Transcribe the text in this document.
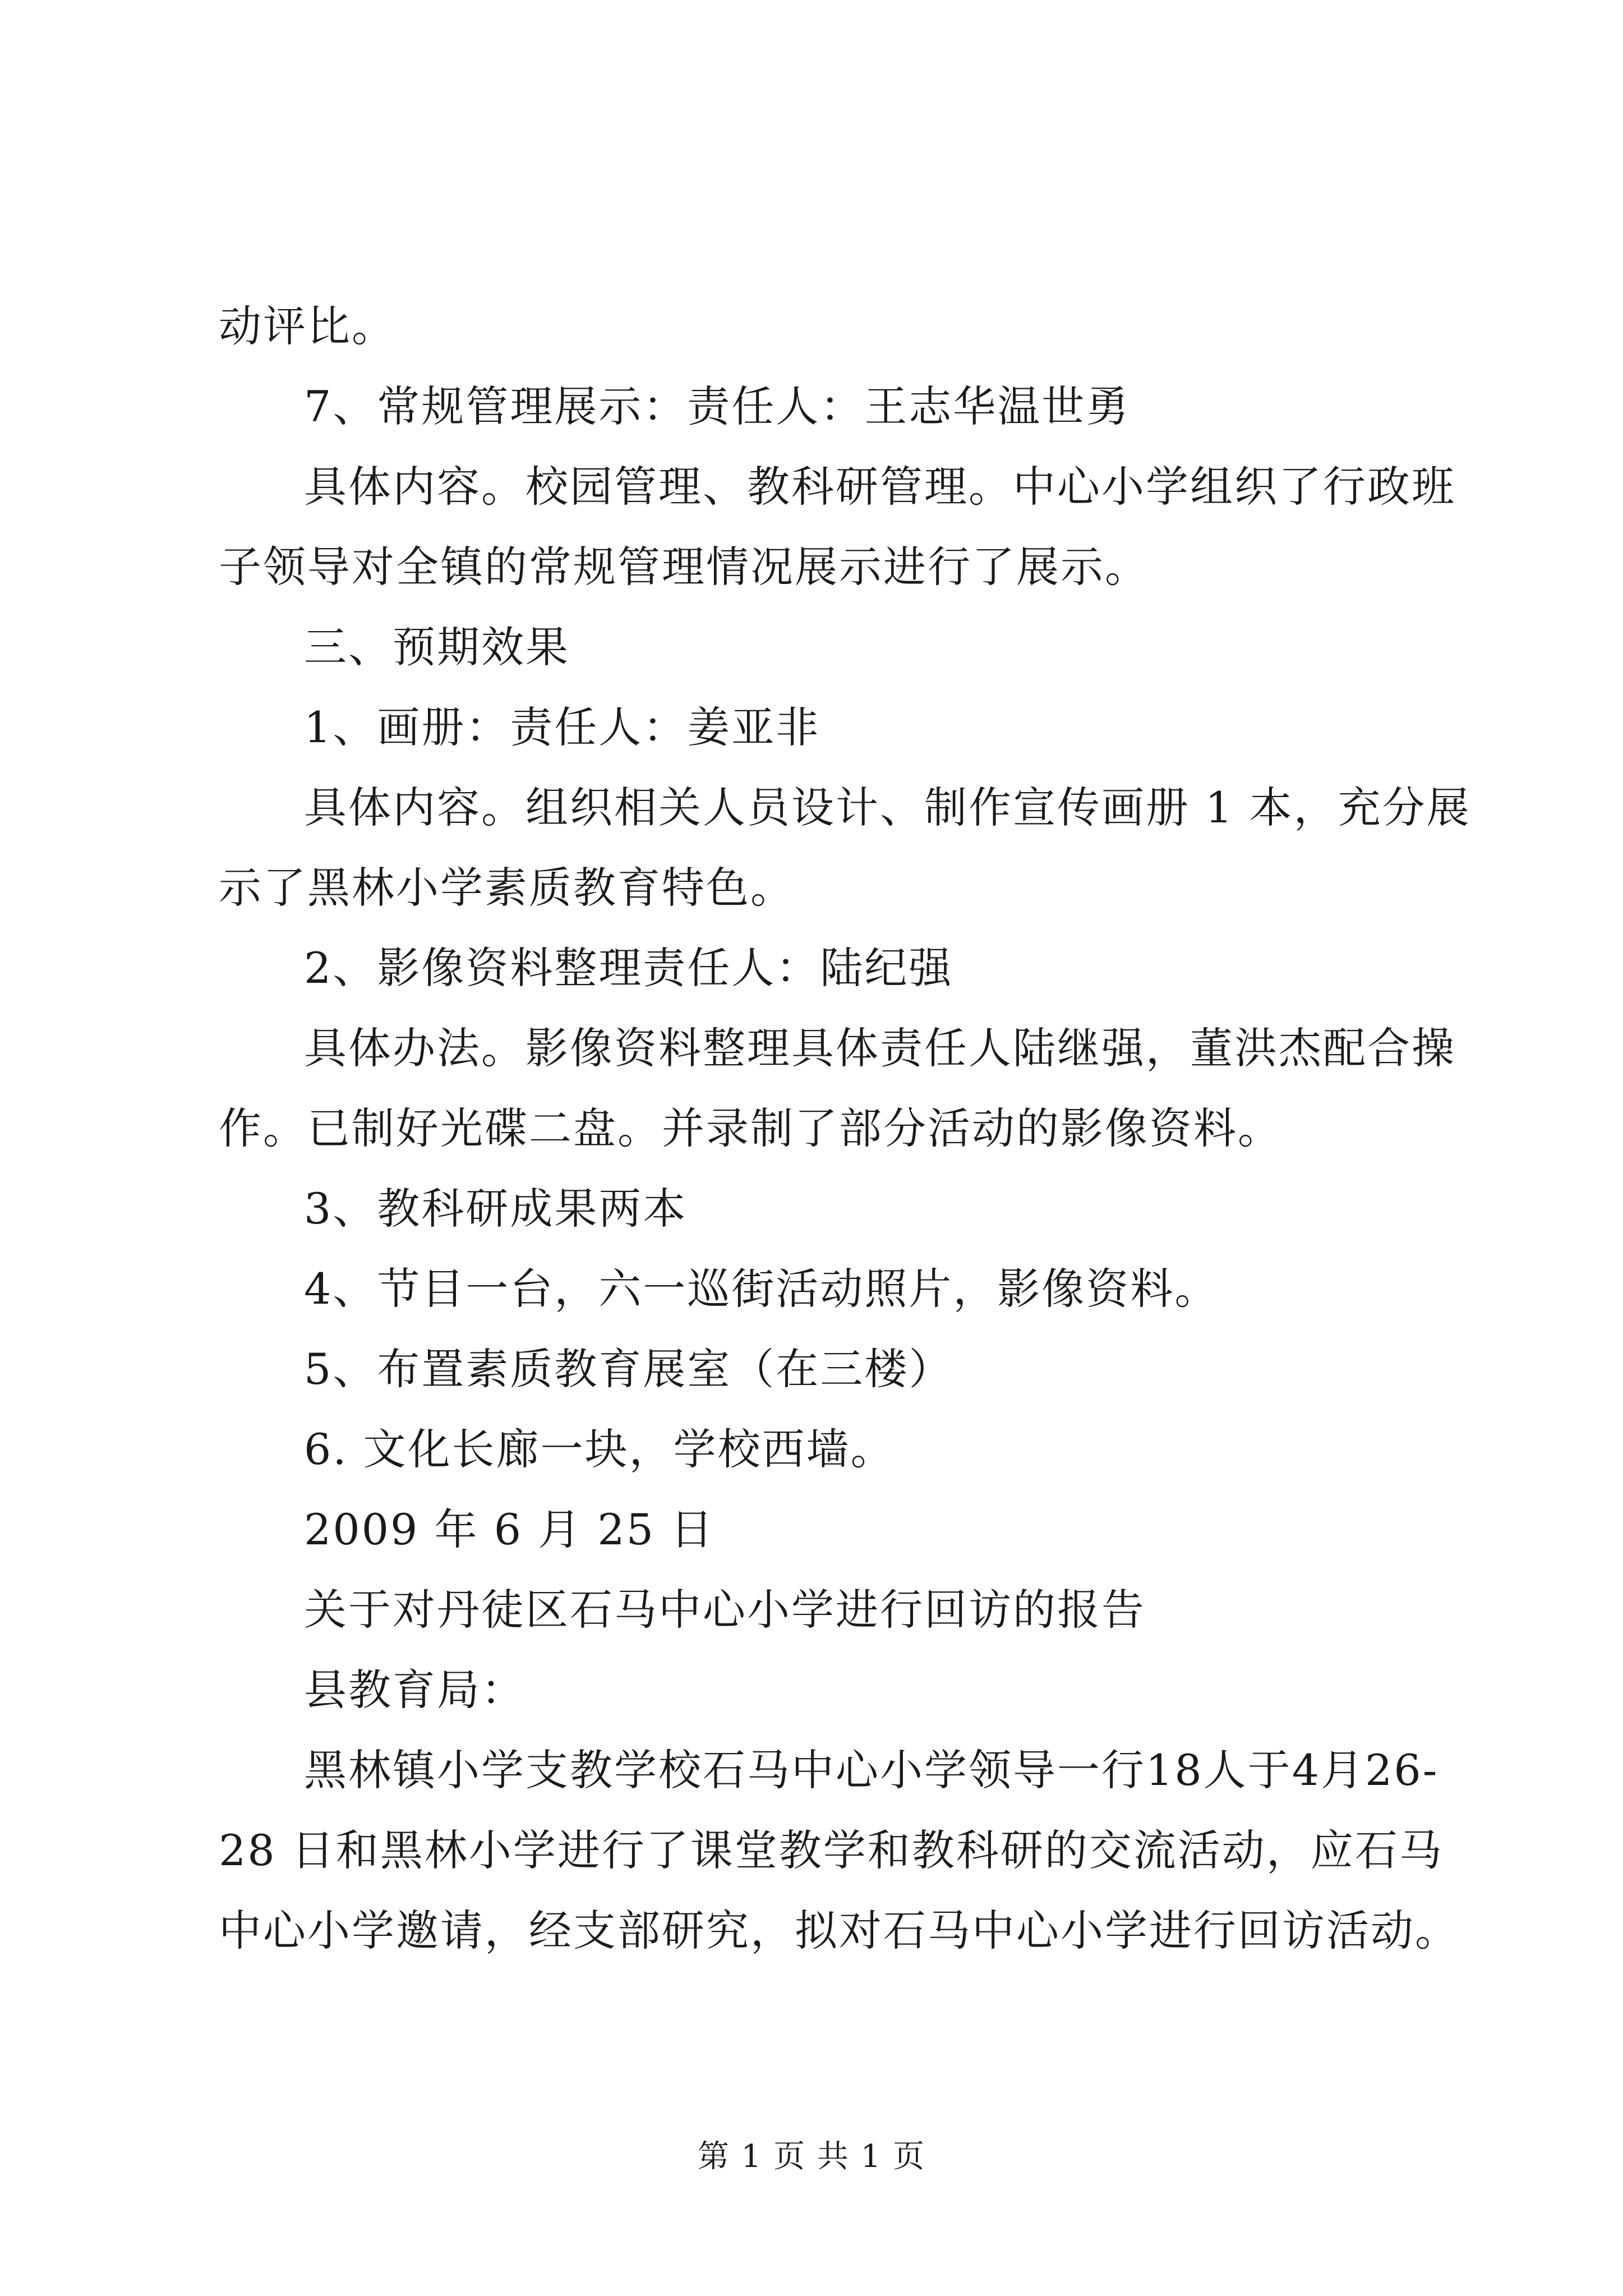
动评比。
7、常规管理展示：责任人：王志华温世勇
具体内容。校园管理、教科研管理。中心小学组织了行政班
子领导对全镇的常规管理情况展示进行了展示。
三、预期效果
1、画册：责任人：姜亚非
具体内容。组织相关人员设计、制作宣传画册 1 本，充分展
示了黑林小学素质教育特色。
2、影像资料整理责任人：陆纪强
具体办法。影像资料整理具体责任人陆继强，董洪杰配合操
作。已制好光碟二盘。并录制了部分活动的影像资料。
3、教科研成果两本
4、节目一台，六一巡街活动照片，影像资料。
5、布置素质教育展室（在三楼）
6. 文化长廊一块，学校西墙。
2009 年 6 月 25 日
关于对丹徒区石马中心小学进行回访的报告
县教育局：
黑林镇小学支教学校石马中心小学领导一行18人于4月26-
28 日和黑林小学进行了课堂教学和教科研的交流活动，应石马
中心小学邀请，经支部研究，拟对石马中心小学进行回访活动。
第 1 页 共 1 页
